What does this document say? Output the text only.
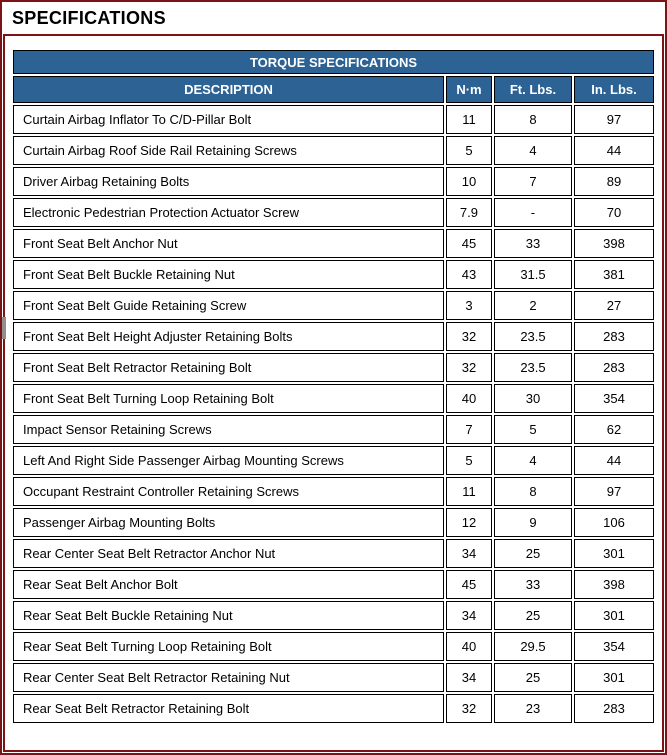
SPECIFICATIONS
TORQUE SPECIFICATIONS			
DESCRIPTION	N·m	Ft. Lbs.	In. Lbs.
Curtain Airbag Inflator To C/D-Pillar Bolt	11	8	97
Curtain Airbag Roof Side Rail Retaining Screws	5	4	44
Driver Airbag Retaining Bolts	10	7	89
Electronic Pedestrian Protection Actuator Screw	7.9	-	70
Front Seat Belt Anchor Nut	45	33	398
Front Seat Belt Buckle Retaining Nut	43	31.5	381
Front Seat Belt Guide Retaining Screw	3	2	27
Front Seat Belt Height Adjuster Retaining Bolts	32	23.5	283
Front Seat Belt Retractor Retaining Bolt	32	23.5	283
Front Seat Belt Turning Loop Retaining Bolt	40	30	354
Impact Sensor Retaining Screws	7	5	62
Left And Right Side Passenger Airbag Mounting Screws	5	4	44
Occupant Restraint Controller Retaining Screws	11	8	97
Passenger Airbag Mounting Bolts	12	9	106
Rear Center Seat Belt Retractor Anchor Nut	34	25	301
Rear Seat Belt Anchor Bolt	45	33	398
Rear Seat Belt Buckle Retaining Nut	34	25	301
Rear Seat Belt Turning Loop Retaining Bolt	40	29.5	354
Rear Center Seat Belt Retractor Retaining Nut	34	25	301
Rear Seat Belt Retractor Retaining Bolt	32	23	283
